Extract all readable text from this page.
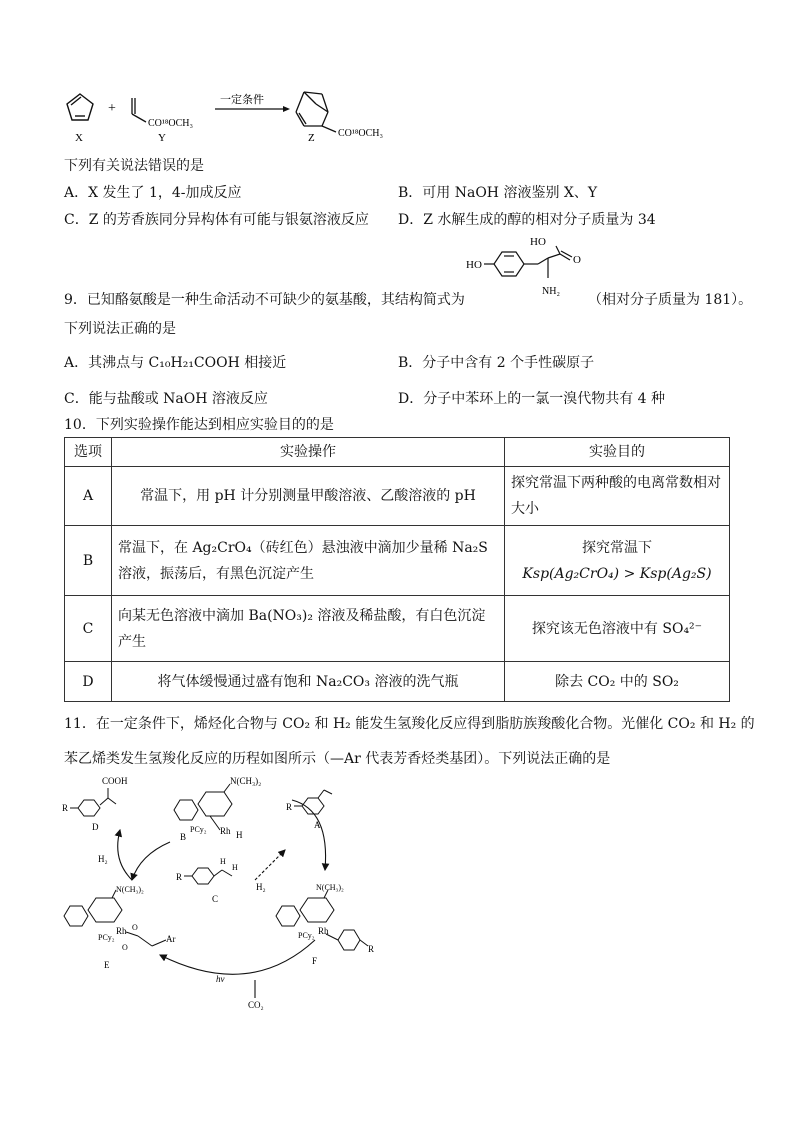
X
+
CO¹⁸OCH₃
Y
一定条件
Z CO¹⁸OCH₃
下列有关说法错误的是
A．X 发生了 1，4-加成反应	B．可用 NaOH 溶液鉴别 X、Y
C．Z 的芳香族同分异构体有可能与银氨溶液反应 D．Z 水解生成的醇的相对分子质量为 34
HO
HO
O
NH₂
9．已知酪氨酸是一种生命活动不可缺少的氨基酸，其结构简式为	（相对分子质量为 181）。
下列说法正确的是
A．其沸点与 C₁₀H₂₁COOH 相接近	B．分子中含有 2 个手性碳原子
C．能与盐酸或 NaOH 溶液反应	D．分子中苯环上的一氯一溴代物共有 4 种
10．下列实验操作能达到相应实验目的的是
选项	实验操作	实验目的
A	常温下，用 pH 计分别测量甲酸溶液、乙酸溶液的 pH	探究常温下两种酸的电离常数相对大小
B	常温下，在 Ag₂CrO₄（砖红色）悬浊液中滴加少量稀 Na₂S 溶液，振荡后，有黑色沉淀产生	探究常温下
Ksp(Ag₂CrO₄) > Ksp(Ag₂S)

C	向某无色溶液中滴加 Ba(NO₃)₂ 溶液及稀盐酸，有白色沉淀产生	探究该无色溶液中有 SO₄²⁻
D	将气体缓慢通过盛有饱和 Na₂CO₃ 溶液的洗气瓶	除去 CO₂ 中的 SO₂
11．在一定条件下，烯烃化合物与 CO₂ 和 H₂ 能发生氢羧化反应得到脂肪族羧酸化合物。光催化 CO₂ 和 H₂ 的
苯乙烯类发生氢羧化反应的历程如图所示（—Ar 代表芳香烃类基团）。下列说法正确的是
COOH
R
D
N(CH₃)₂
PCy₂ Rh H
B
R
A
H₂
H₂
R
H
H
C
N(CH₃)₂
PCy₂
Rh O
O
Ar
E
N(CH₃)₂
PCy₂ Rh
R
F
hν
CO₂
